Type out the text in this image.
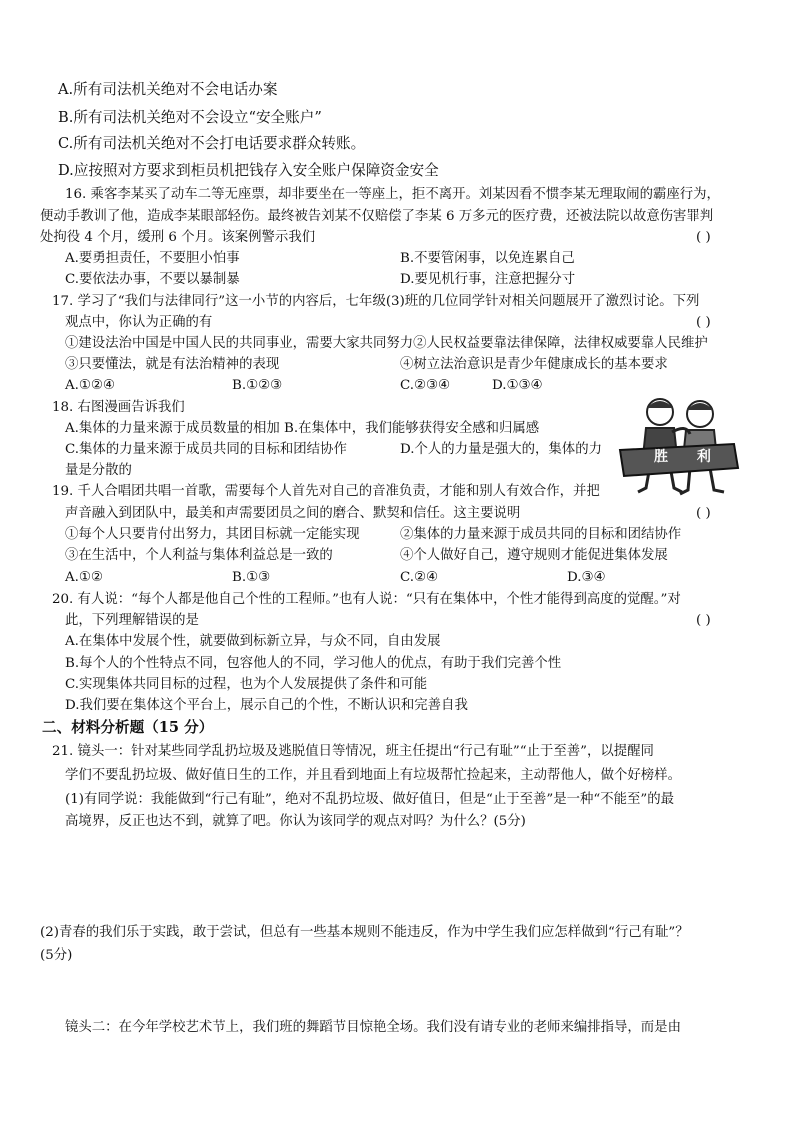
A.所有司法机关绝对不会电话办案
B.所有司法机关绝对不会设立“安全账户”
C.所有司法机关绝对不会打电话要求群众转账。
D.应按照对方要求到柜员机把钱存入安全账户保障资金安全
16. 乘客李某买了动车二等无座票，却非要坐在一等座上，拒不离开。刘某因看不惯李某无理取闹的霸座行为，
便动手教训了他，造成李某眼部轻伤。最终被告刘某不仅赔偿了李某 6 万多元的医疗费，还被法院以故意伤害罪判
处拘役 4 个月，缓刑 6 个月。该案例警示我们	( )
A.要勇担责任，不要胆小怕事	B.不要管闲事，以免连累自己
C.要依法办事，不要以暴制暴	D.要见机行事，注意把握分寸
17. 学习了“我们与法律同行”这一小节的内容后，七年级(3)班的几位同学针对相关问题展开了激烈讨论。下列
观点中，你认为正确的有	( )
①建设法治中国是中国人民的共同事业，需要大家共同努力②人民权益要靠法律保障，法律权威要靠人民维护
③只要懂法，就是有法治精神的表现	④树立法治意识是青少年健康成长的基本要求
A.①②④	B.①②③	C.②③④	D.①③④
18. 右图漫画告诉我们
A.集体的力量来源于成员数量的相加 B.在集体中，我们能够获得安全感和归属感
C.集体的力量来源于成员共同的目标和团结协作	D.个人的力量是强大的，集体的力
量是分散的
胜 利
19. 千人合唱团共唱一首歌，需要每个人首先对自己的音准负责，才能和别人有效合作，并把
声音融入到团队中，最美和声需要团员之间的磨合、默契和信任。这主要说明	( )
①每个人只要肯付出努力，其团目标就一定能实现	②集体的力量来源于成员共同的目标和团结协作
③在生活中，个人利益与集体利益总是一致的	④个人做好自己，遵守规则才能促进集体发展
A.①②	B.①③	C.②④	D.③④
20. 有人说：“每个人都是他自己个性的工程师。”也有人说：“只有在集体中，个性才能得到高度的觉醒。”对
此，下列理解错误的是	( )
A.在集体中发展个性，就要做到标新立异，与众不同，自由发展
B.每个人的个性特点不同，包容他人的不同，学习他人的优点，有助于我们完善个性
C.实现集体共同目标的过程，也为个人发展提供了条件和可能
D.我们要在集体这个平台上，展示自己的个性，不断认识和完善自我
二、材料分析题（15 分）
21. 镜头一：针对某些同学乱扔垃圾及逃脱值日等情况，班主任提出“行己有耻”“止于至善”，以提醒同
学们不要乱扔垃圾、做好值日生的工作，并且看到地面上有垃圾帮忙捡起来，主动帮他人，做个好榜样。
(1)有同学说：我能做到“行己有耻”，绝对不乱扔垃圾、做好值日，但是“止于至善”是一种“不能至”的最
高境界，反正也达不到，就算了吧。你认为该同学的观点对吗？为什么？(5分)
(2)青春的我们乐于实践，敢于尝试，但总有一些基本规则不能违反，作为中学生我们应怎样做到“行己有耻”？
(5分)
镜头二：在今年学校艺术节上，我们班的舞蹈节目惊艳全场。我们没有请专业的老师来编排指导，而是由
